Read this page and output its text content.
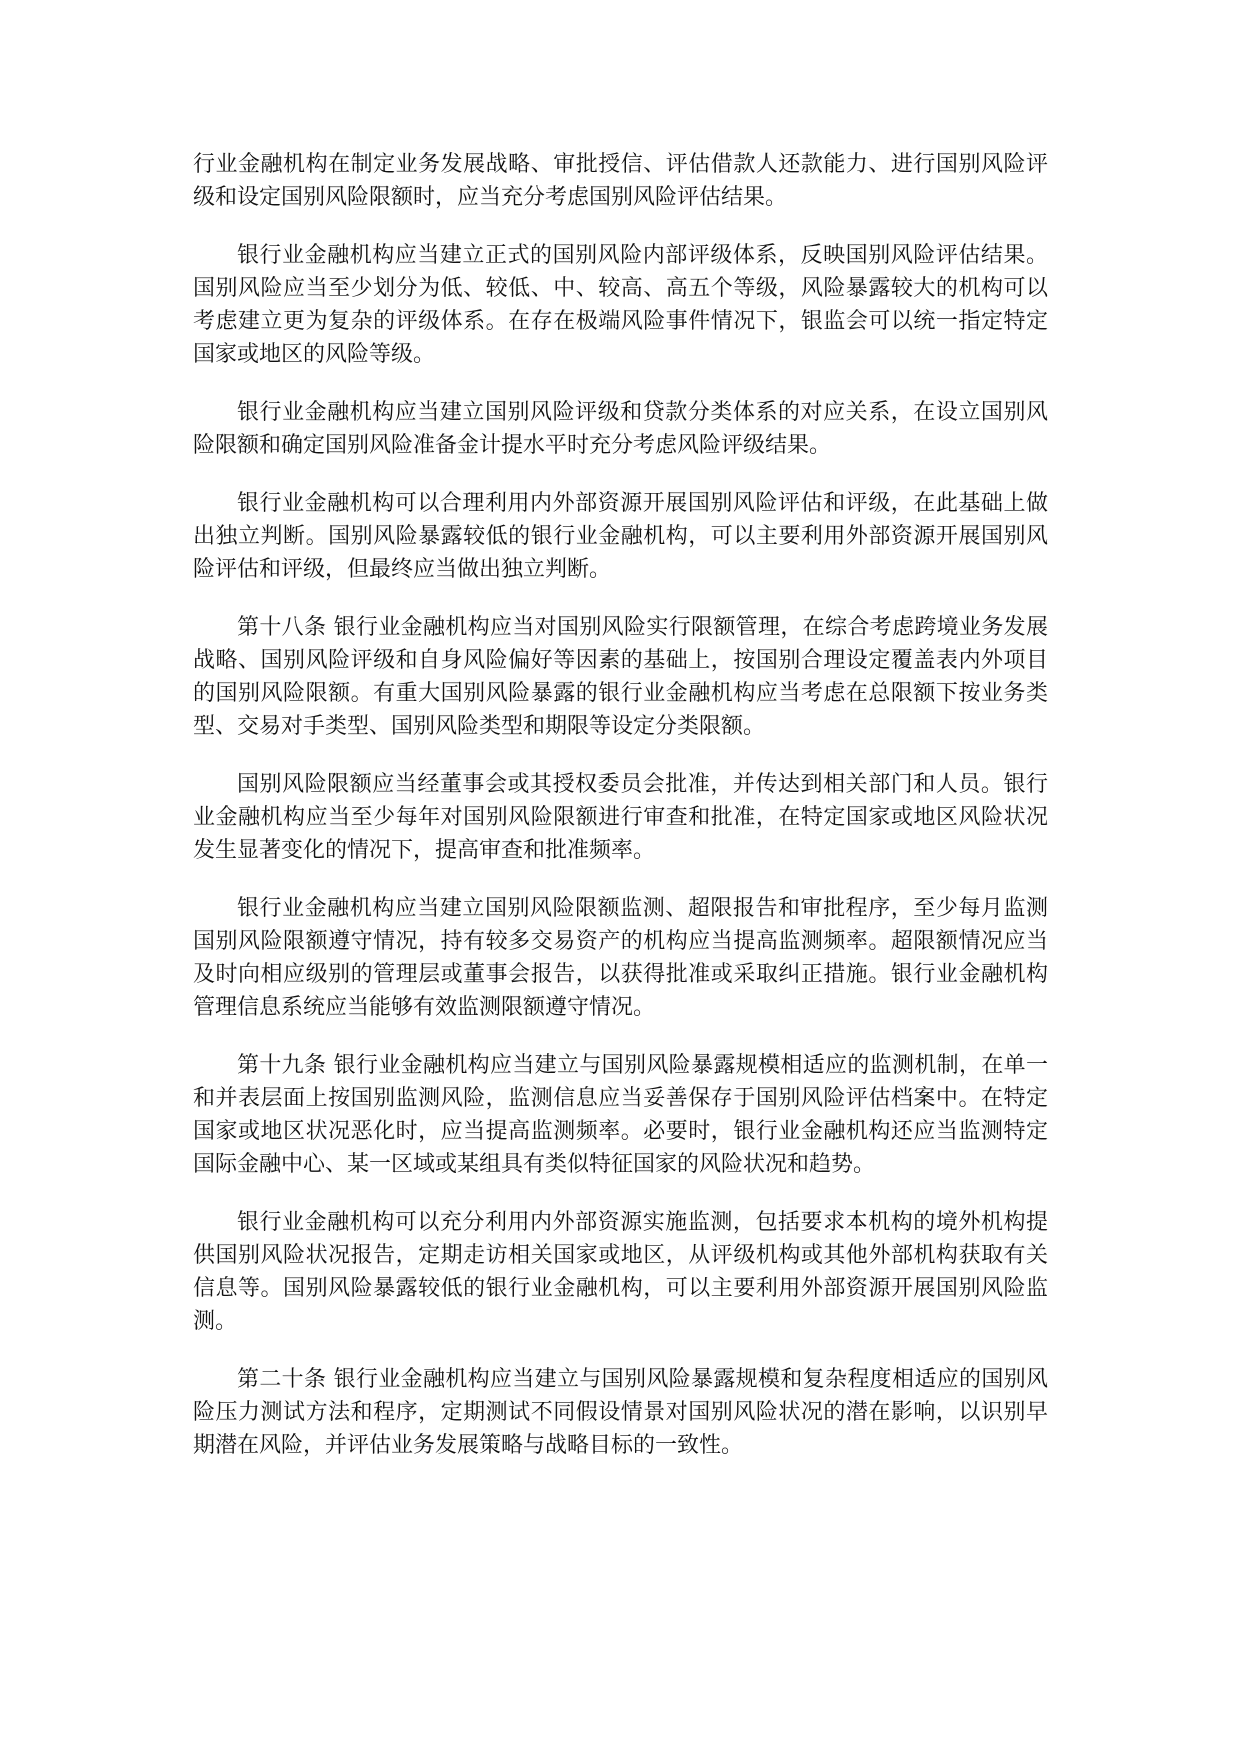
行业金融机构在制定业务发展战略、审批授信、评估借款人还款能力、进行国别风险评级和设定国别风险限额时，应当充分考虑国别风险评估结果。

银行业金融机构应当建立正式的国别风险内部评级体系，反映国别风险评估结果。国别风险应当至少划分为低、较低、中、较高、高五个等级，风险暴露较大的机构可以考虑建立更为复杂的评级体系。在存在极端风险事件情况下，银监会可以统一指定特定国家或地区的风险等级。

银行业金融机构应当建立国别风险评级和贷款分类体系的对应关系，在设立国别风险限额和确定国别风险准备金计提水平时充分考虑风险评级结果。

银行业金融机构可以合理利用内外部资源开展国别风险评估和评级，在此基础上做出独立判断。国别风险暴露较低的银行业金融机构，可以主要利用外部资源开展国别风险评估和评级，但最终应当做出独立判断。

第十八条 银行业金融机构应当对国别风险实行限额管理，在综合考虑跨境业务发展战略、国别风险评级和自身风险偏好等因素的基础上，按国别合理设定覆盖表内外项目的国别风险限额。有重大国别风险暴露的银行业金融机构应当考虑在总限额下按业务类型、交易对手类型、国别风险类型和期限等设定分类限额。

国别风险限额应当经董事会或其授权委员会批准，并传达到相关部门和人员。银行业金融机构应当至少每年对国别风险限额进行审查和批准，在特定国家或地区风险状况发生显著变化的情况下，提高审查和批准频率。

银行业金融机构应当建立国别风险限额监测、超限报告和审批程序，至少每月监测国别风险限额遵守情况，持有较多交易资产的机构应当提高监测频率。超限额情况应当及时向相应级别的管理层或董事会报告，以获得批准或采取纠正措施。银行业金融机构管理信息系统应当能够有效监测限额遵守情况。

第十九条 银行业金融机构应当建立与国别风险暴露规模相适应的监测机制，在单一和并表层面上按国别监测风险，监测信息应当妥善保存于国别风险评估档案中。在特定国家或地区状况恶化时，应当提高监测频率。必要时，银行业金融机构还应当监测特定国际金融中心、某一区域或某组具有类似特征国家的风险状况和趋势。

银行业金融机构可以充分利用内外部资源实施监测，包括要求本机构的境外机构提供国别风险状况报告，定期走访相关国家或地区，从评级机构或其他外部机构获取有关信息等。国别风险暴露较低的银行业金融机构，可以主要利用外部资源开展国别风险监测。

第二十条 银行业金融机构应当建立与国别风险暴露规模和复杂程度相适应的国别风险压力测试方法和程序，定期测试不同假设情景对国别风险状况的潜在影响，以识别早期潜在风险，并评估业务发展策略与战略目标的一致性。
